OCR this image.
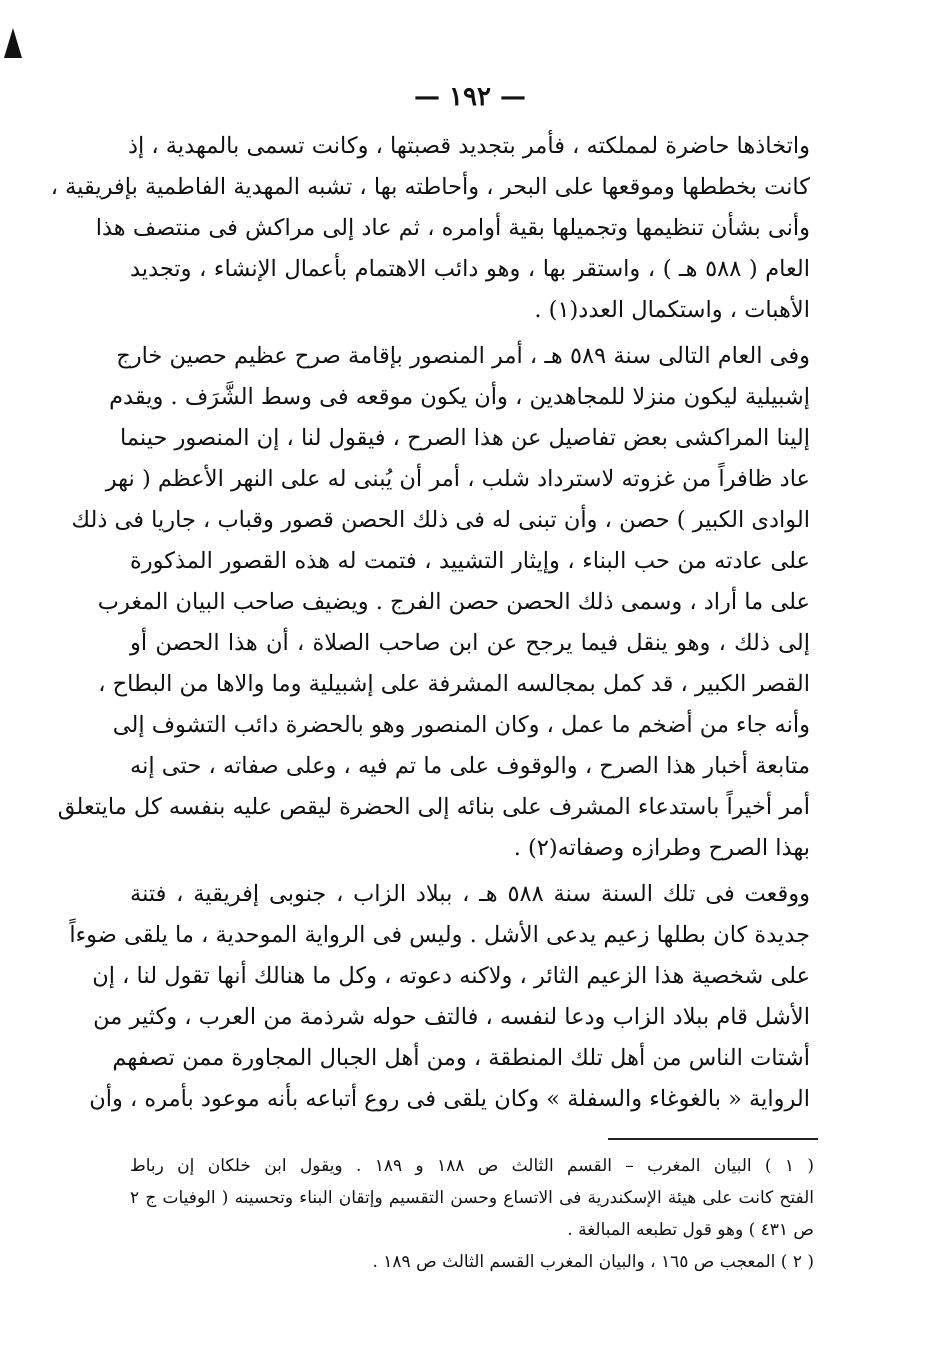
— ١٩٢ —

واتخاذها حاضرة لمملكته ، فأمر بتجديد قصبتها ، وكانت تسمى بالمهدية ، إذ
كانت بخططها وموقعها على البحر ، وأحاطته بها ، تشبه المهدية الفاطمية بإفريقية ،
وأنى بشأن تنظيمها وتجميلها بقية أوامره ، ثم عاد إلى مراكش فى منتصف هذا
العام ( ٥٨٨ هـ ) ، واستقر بها ، وهو دائب الاهتمام بأعمال الإنشاء ، وتجديد
الأهبات ، واستكمال العدد(١) .

وفى العام التالى سنة ٥٨٩ هـ ، أمر المنصور بإقامة صرح عظيم حصين خارج
إشبيلية ليكون منزلا للمجاهدين ، وأن يكون موقعه فى وسط الشَّرَف . ويقدم
إلينا المراكشى بعض تفاصيل عن هذا الصرح ، فيقول لنا ، إن المنصور حينما
عاد ظافراً من غزوته لاسترداد شلب ، أمر أن يُبنى له على النهر الأعظم ( نهر
الوادى الكبير ) حصن ، وأن تبنى له فى ذلك الحصن قصور وقباب ، جاريا فى ذلك
على عادته من حب البناء ، وإيثار التشييد ، فتمت له هذه القصور المذكورة
على ما أراد ، وسمى ذلك الحصن حصن الفرج . ويضيف صاحب البيان المغرب
إلى ذلك ، وهو ينقل فيما يرجح عن ابن صاحب الصلاة ، أن هذا الحصن أو
القصر الكبير ، قد كمل بمجالسه المشرفة على إشبيلية وما والاها من البطاح ،
وأنه جاء من أضخم ما عمل ، وكان المنصور وهو بالحضرة دائب التشوف إلى
متابعة أخبار هذا الصرح ، والوقوف على ما تم فيه ، وعلى صفاته ، حتى إنه
أمر أخيراً باستدعاء المشرف على بنائه إلى الحضرة ليقص عليه بنفسه كل مايتعلق
بهذا الصرح وطرازه وصفاته(٢) .

ووقعت فى تلك السنة سنة ٥٨٨ هـ ، ببلاد الزاب ، جنوبى إفريقية ، فتنة
جديدة كان بطلها زعيم يدعى الأشل . وليس فى الرواية الموحدية ، ما يلقى ضوءاً
على شخصية هذا الزعيم الثائر ، ولاكنه دعوته ، وكل ما هنالك أنها تقول لنا ، إن
الأشل قام ببلاد الزاب ودعا لنفسه ، فالتف حوله شرذمة من العرب ، وكثير من
أشتات الناس من أهل تلك المنطقة ، ومن أهل الجبال المجاورة ممن تصفهم
الرواية « بالغوغاء والسفلة » وكان يلقى فى روع أتباعه بأنه موعود بأمره ، وأن

( ١ ) البيان المغرب – القسم الثالث ص ١٨٨ و ١٨٩ . ويقول ابن خلكان إن رباط
الفتح كانت على هيئة الإسكندرية فى الاتساع وحسن التقسيم وإتقان البناء وتحسينه ( الوفيات ج ٢
ص ٤٣١ ) وهو قول تطبعه المبالغة .
( ٢ ) المعجب ص ١٦٥ ، والبيان المغرب القسم الثالث ص ١٨٩ .
